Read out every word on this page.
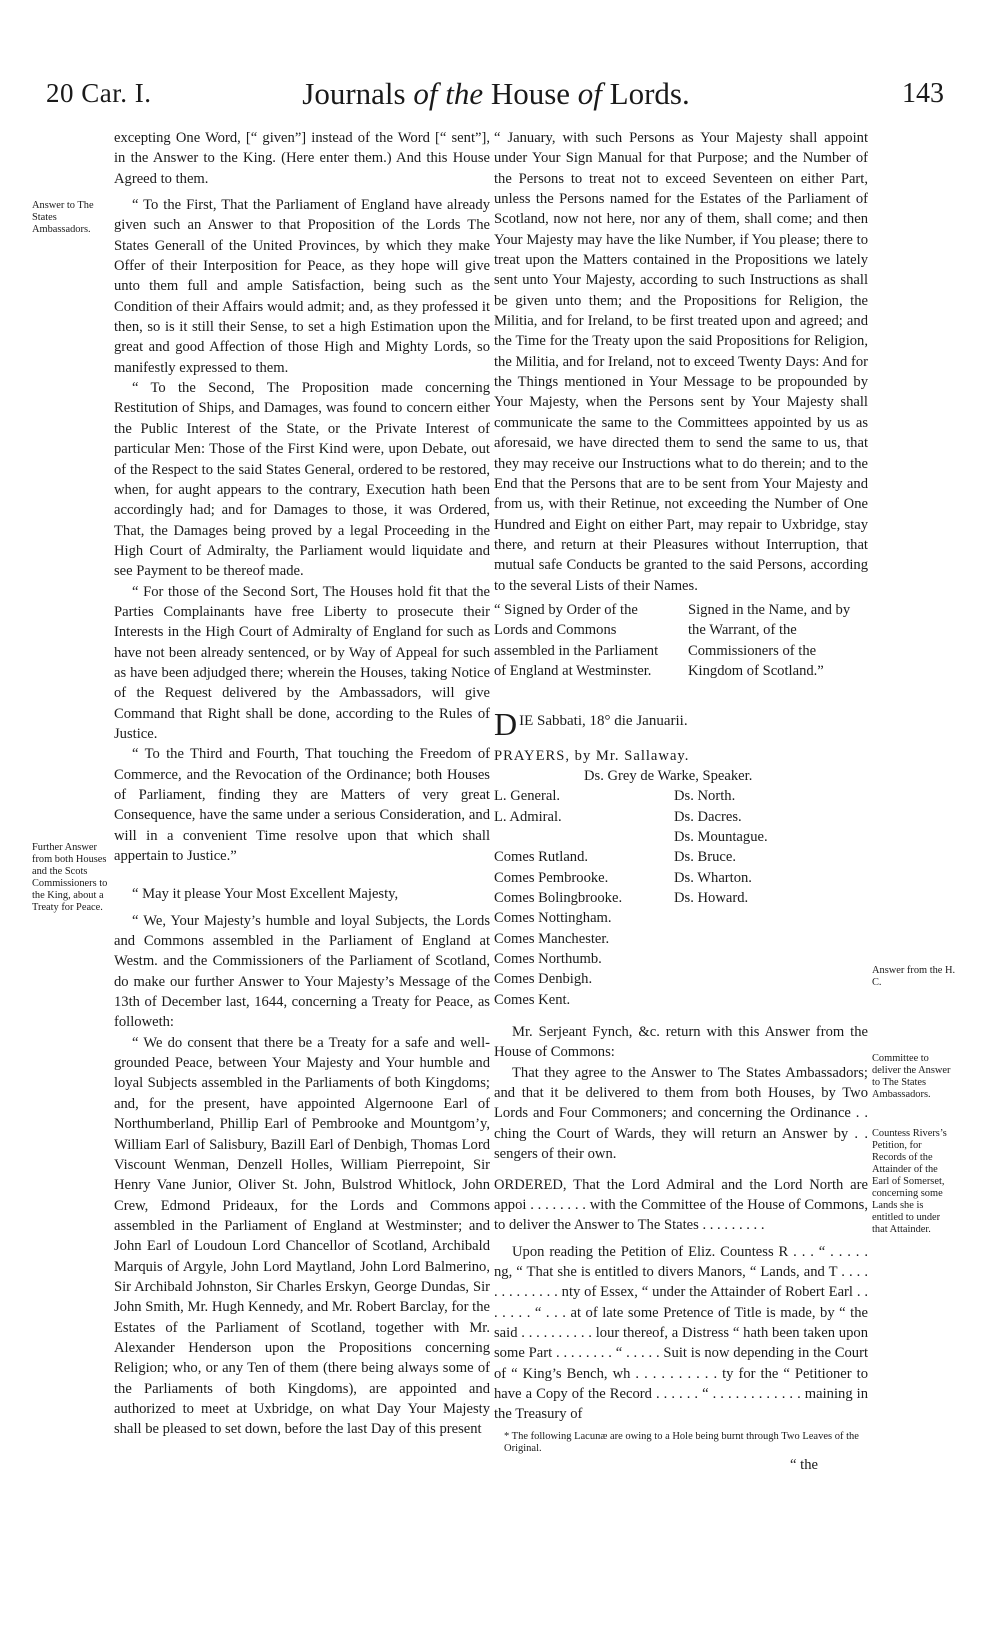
20 Car. I.	Journals of the House of Lords.	143
Answer to The States Ambassadors.
Further Answer from both Houses and the Scots Commissioners to the King, about a Treaty for Peace.

excepting One Word, [“ given”] instead of the Word [“ sent”], in the Answer to the King. (Here enter them.) And this House Agreed to them.

“ To the First, That the Parliament of England have already given such an Answer to that Proposition of the Lords The States Generall of the United Provinces, by which they make Offer of their Interposition for Peace, as they hope will give unto them full and ample Satisfaction, being such as the Condition of their Affairs would admit; and, as they professed it then, so is it still their Sense, to set a high Estimation upon the great and good Affection of those High and Mighty Lords, so manifestly expressed to them.

“ To the Second, The Proposition made concerning Restitution of Ships, and Damages, was found to concern either the Public Interest of the State, or the Private Interest of particular Men: Those of the First Kind were, upon Debate, out of the Respect to the said States General, ordered to be restored, when, for aught appears to the contrary, Execution hath been accordingly had; and for Damages to those, it was Ordered, That, the Damages being proved by a legal Proceeding in the High Court of Admiralty, the Parliament would liquidate and see Payment to be thereof made.

“ For those of the Second Sort, The Houses hold fit that the Parties Complainants have free Liberty to prosecute their Interests in the High Court of Admiralty of England for such as have not been already sentenced, or by Way of Appeal for such as have been adjudged there; wherein the Houses, taking Notice of the Request delivered by the Ambassadors, will give Command that Right shall be done, according to the Rules of Justice.

“ To the Third and Fourth, That touching the Freedom of Commerce, and the Revocation of the Ordinance; both Houses of Parliament, finding they are Matters of very great Consequence, have the same under a serious Consideration, and will in a convenient Time resolve upon that which shall appertain to Justice.”

“ May it please Your Most Excellent Majesty,

“ We, Your Majesty’s humble and loyal Subjects, the Lords and Commons assembled in the Parliament of England at Westm. and the Commissioners of the Parliament of Scotland, do make our further Answer to Your Majesty’s Message of the 13th of December last, 1644, concerning a Treaty for Peace, as followeth:

“ We do consent that there be a Treaty for a safe and well-grounded Peace, between Your Majesty and Your humble and loyal Subjects assembled in the Parliaments of both Kingdoms; and, for the present, have appointed Algernoone Earl of Northumberland, Phillip Earl of Pembrooke and Mountgom’y, William Earl of Salisbury, Bazill Earl of Denbigh, Thomas Lord Viscount Wenman, Denzell Holles, William Pierrepoint, Sir Henry Vane Junior, Oliver St. John, Bulstrod Whitlock, John Crew, Edmond Prideaux, for the Lords and Commons assembled in the Parliament of England at Westminster; and John Earl of Loudoun Lord Chancellor of Scotland, Archibald Marquis of Argyle, John Lord Maytland, John Lord Balmerino, Sir Archibald Johnston, Sir Charles Erskyn, George Dundas, Sir John Smith, Mr. Hugh Kennedy, and Mr. Robert Barclay, for the Estates of the Parliament of Scotland, together with Mr. Alexander Henderson upon the Propositions concerning Religion; who, or any Ten of them (there being always some of the Parliaments of both Kingdoms), are appointed and authorized to meet at Uxbridge, on what Day Your Majesty shall be pleased to set down, before the last Day of this present

“ January, with such Persons as Your Majesty shall appoint under Your Sign Manual for that Purpose; and the Number of the Persons to treat not to exceed Seventeen on either Part, unless the Persons named for the Estates of the Parliament of Scotland, now not here, nor any of them, shall come; and then Your Majesty may have the like Number, if You please; there to treat upon the Matters contained in the Propositions we lately sent unto Your Majesty, according to such Instructions as shall be given unto them; and the Propositions for Religion, the Militia, and for Ireland, to be first treated upon and agreed; and the Time for the Treaty upon the said Propositions for Religion, the Militia, and for Ireland, not to exceed Twenty Days: And for the Things mentioned in Your Message to be propounded by Your Majesty, when the Persons sent by Your Majesty shall communicate the same to the Committees appointed by us as aforesaid, we have directed them to send the same to us, that they may receive our Instructions what to do therein; and to the End that the Persons that are to be sent from Your Majesty and from us, with their Retinue, not exceeding the Number of One Hundred and Eight on either Part, may repair to Uxbridge, stay there, and return at their Pleasures without Interruption, that mutual safe Conducts be granted to the said Persons, according to the several Lists of their Names.

“ Signed by Order of the Lords and Commons assembled in the Parliament of England at Westminster.
Signed in the Name, and by the Warrant, of the Commissioners of the Kingdom of Scotland.”
D IE Sabbati, 18° die Januarii.
PRAYERS, by Mr. Sallaway.
Ds. Grey de Warke, Speaker.
L. General.
L. Admiral.

Comes Rutland.
Comes Pembrooke.
Comes Bolingbrooke.
Comes Nottingham.
Comes Manchester.
Comes Northumb.
Comes Denbigh.
Comes Kent.
Ds. North.
Ds. Dacres.
Ds. Mountague.
Ds. Bruce.
Ds. Wharton.
Ds. Howard.

Mr. Serjeant Fynch, &c. return with this Answer from the House of Commons:

That they agree to the Answer to The States Ambassadors; and that it be delivered to them from both Houses, by Two Lords and Four Commoners; and concerning the Ordinance . . ching the Court of Wards, they will return an Answer by . . sengers of their own.

ORDERED, That the Lord Admiral and the Lord North are appoi . . . . . . . . with the Committee of the House of Commons, to deliver the Answer to The States . . . . . . . . .

Upon reading the Petition of Eliz. Countess R . . . “ . . . . . ng, “ That she is entitled to divers Manors, “ Lands, and T . . . . . . . . . . . . . nty of Essex, “ under the Attainder of Robert Earl . . . . . . . “ . . . at of late some Pretence of Title is made, by “ the said . . . . . . . . . . lour thereof, a Distress “ hath been taken upon some Part . . . . . . . . “ . . . . . Suit is now depending in the Court of “ King’s Bench, wh . . . . . . . . . . ty for the “ Petitioner to have a Copy of the Record . . . . . . “ . . . . . . . . . . . . maining in the Treasury of

* The following Lacunæ are owing to a Hole being burnt through Two Leaves of the Original.
“ the
Answer from the H. C.
Committee to deliver the Answer to The States Ambassadors.
Countess Rivers’s Petition, for Records of the Attainder of the Earl of Somerset, concerning some Lands she is entitled to under that Attainder.
